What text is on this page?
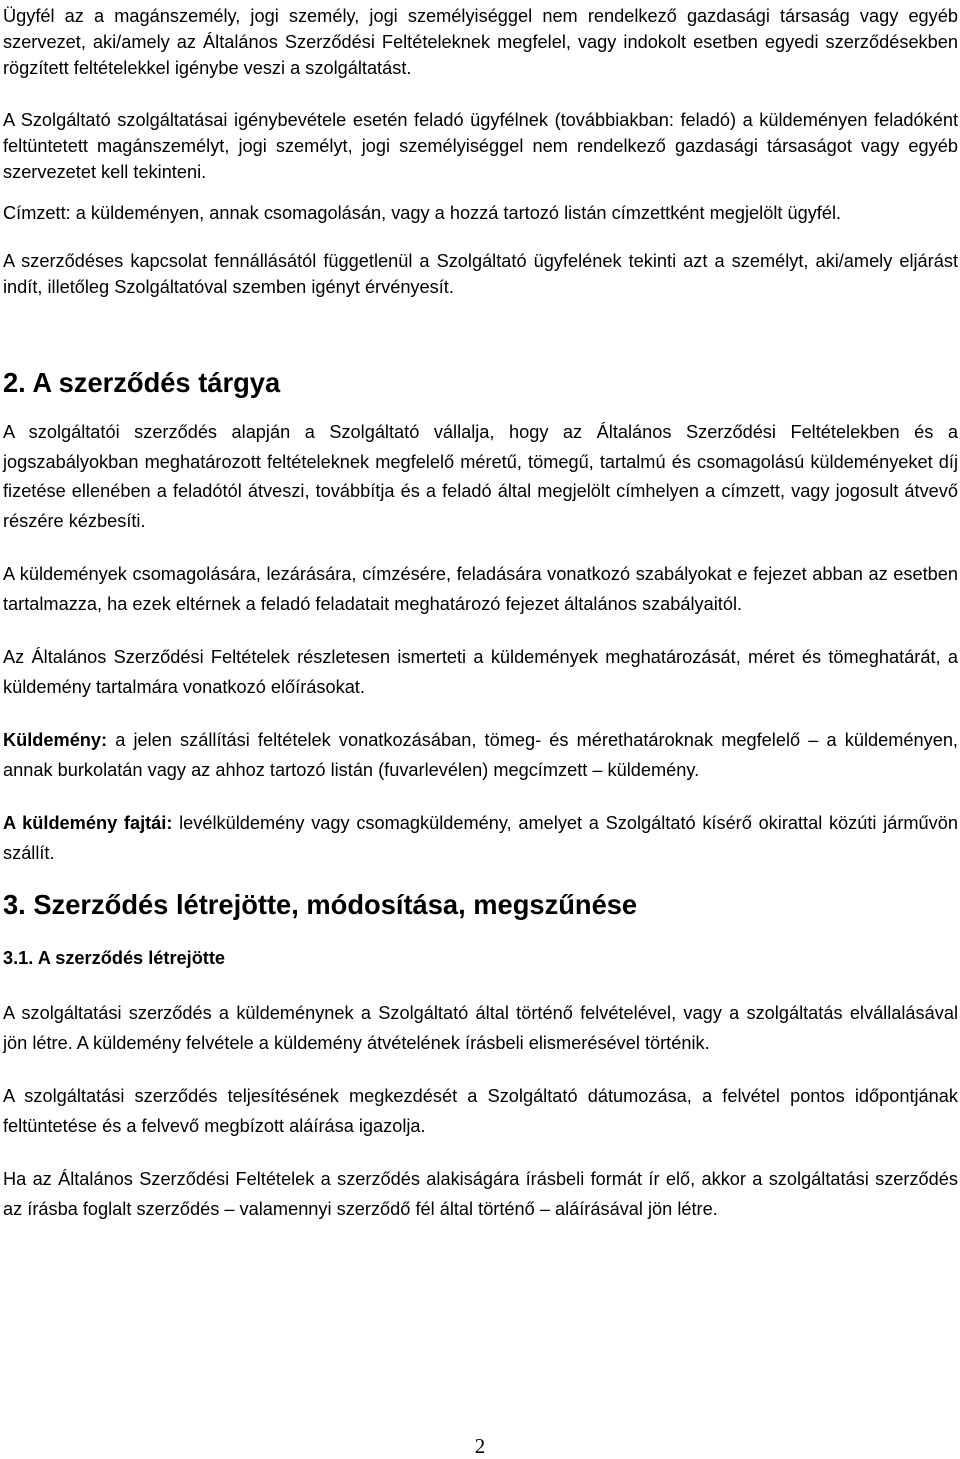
Ügyfél az a magánszemély, jogi személy, jogi személyiséggel nem rendelkező gazdasági társaság vagy egyéb szervezet, aki/amely az Általános Szerződési Feltételeknek megfelel, vagy indokolt esetben egyedi szerződésekben rögzített feltételekkel igénybe veszi a szolgáltatást.

A Szolgáltató szolgáltatásai igénybevétele esetén feladó ügyfélnek (továbbiakban: feladó) a küldeményen feladóként feltüntetett magánszemélyt, jogi személyt, jogi személyiséggel nem rendelkező gazdasági társaságot vagy egyéb szervezetet kell tekinteni.

Címzett: a küldeményen, annak csomagolásán, vagy a hozzá tartozó listán címzettként megjelölt ügyfél.

A szerződéses kapcsolat fennállásától függetlenül a Szolgáltató ügyfelének tekinti azt a személyt, aki/amely eljárást indít, illetőleg Szolgáltatóval szemben igényt érvényesít.

2. A szerződés tárgya

A szolgáltatói szerződés alapján a Szolgáltató vállalja, hogy az Általános Szerződési Feltételekben és a jogszabályokban meghatározott feltételeknek megfelelő méretű, tömegű, tartalmú és csomagolású küldeményeket díj fizetése ellenében a feladótól átveszi, továbbítja és a feladó által megjelölt címhelyen a címzett, vagy jogosult átvevő részére kézbesíti.

A küldemények csomagolására, lezárására, címzésére, feladására vonatkozó szabályokat e fejezet abban az esetben tartalmazza, ha ezek eltérnek a feladó feladatait meghatározó fejezet általános szabályaitól.

Az Általános Szerződési Feltételek részletesen ismerteti a küldemények meghatározását, méret és tömeghatárát, a küldemény tartalmára vonatkozó előírásokat.

Küldemény: a jelen szállítási feltételek vonatkozásában, tömeg- és mérethatároknak megfelelő – a küldeményen, annak burkolatán vagy az ahhoz tartozó listán (fuvarlevélen) megcímzett – küldemény.

A küldemény fajtái: levélküldemény vagy csomagküldemény, amelyet a Szolgáltató kísérő okirattal közúti járművön szállít.

3. Szerződés létrejötte, módosítása, megszűnése
3.1. A szerződés létrejötte

A szolgáltatási szerződés a küldeménynek a Szolgáltató által történő felvételével, vagy a szolgáltatás elvállalásával jön létre. A küldemény felvétele a küldemény átvételének írásbeli elismerésével történik.

A szolgáltatási szerződés teljesítésének megkezdését a Szolgáltató dátumozása, a felvétel pontos időpontjának feltüntetése és a felvevő megbízott aláírása igazolja.

Ha az Általános Szerződési Feltételek a szerződés alakiságára írásbeli formát ír elő, akkor a szolgáltatási szerződés az írásba foglalt szerződés – valamennyi szerződő fél által történő – aláírásával jön létre.

2
